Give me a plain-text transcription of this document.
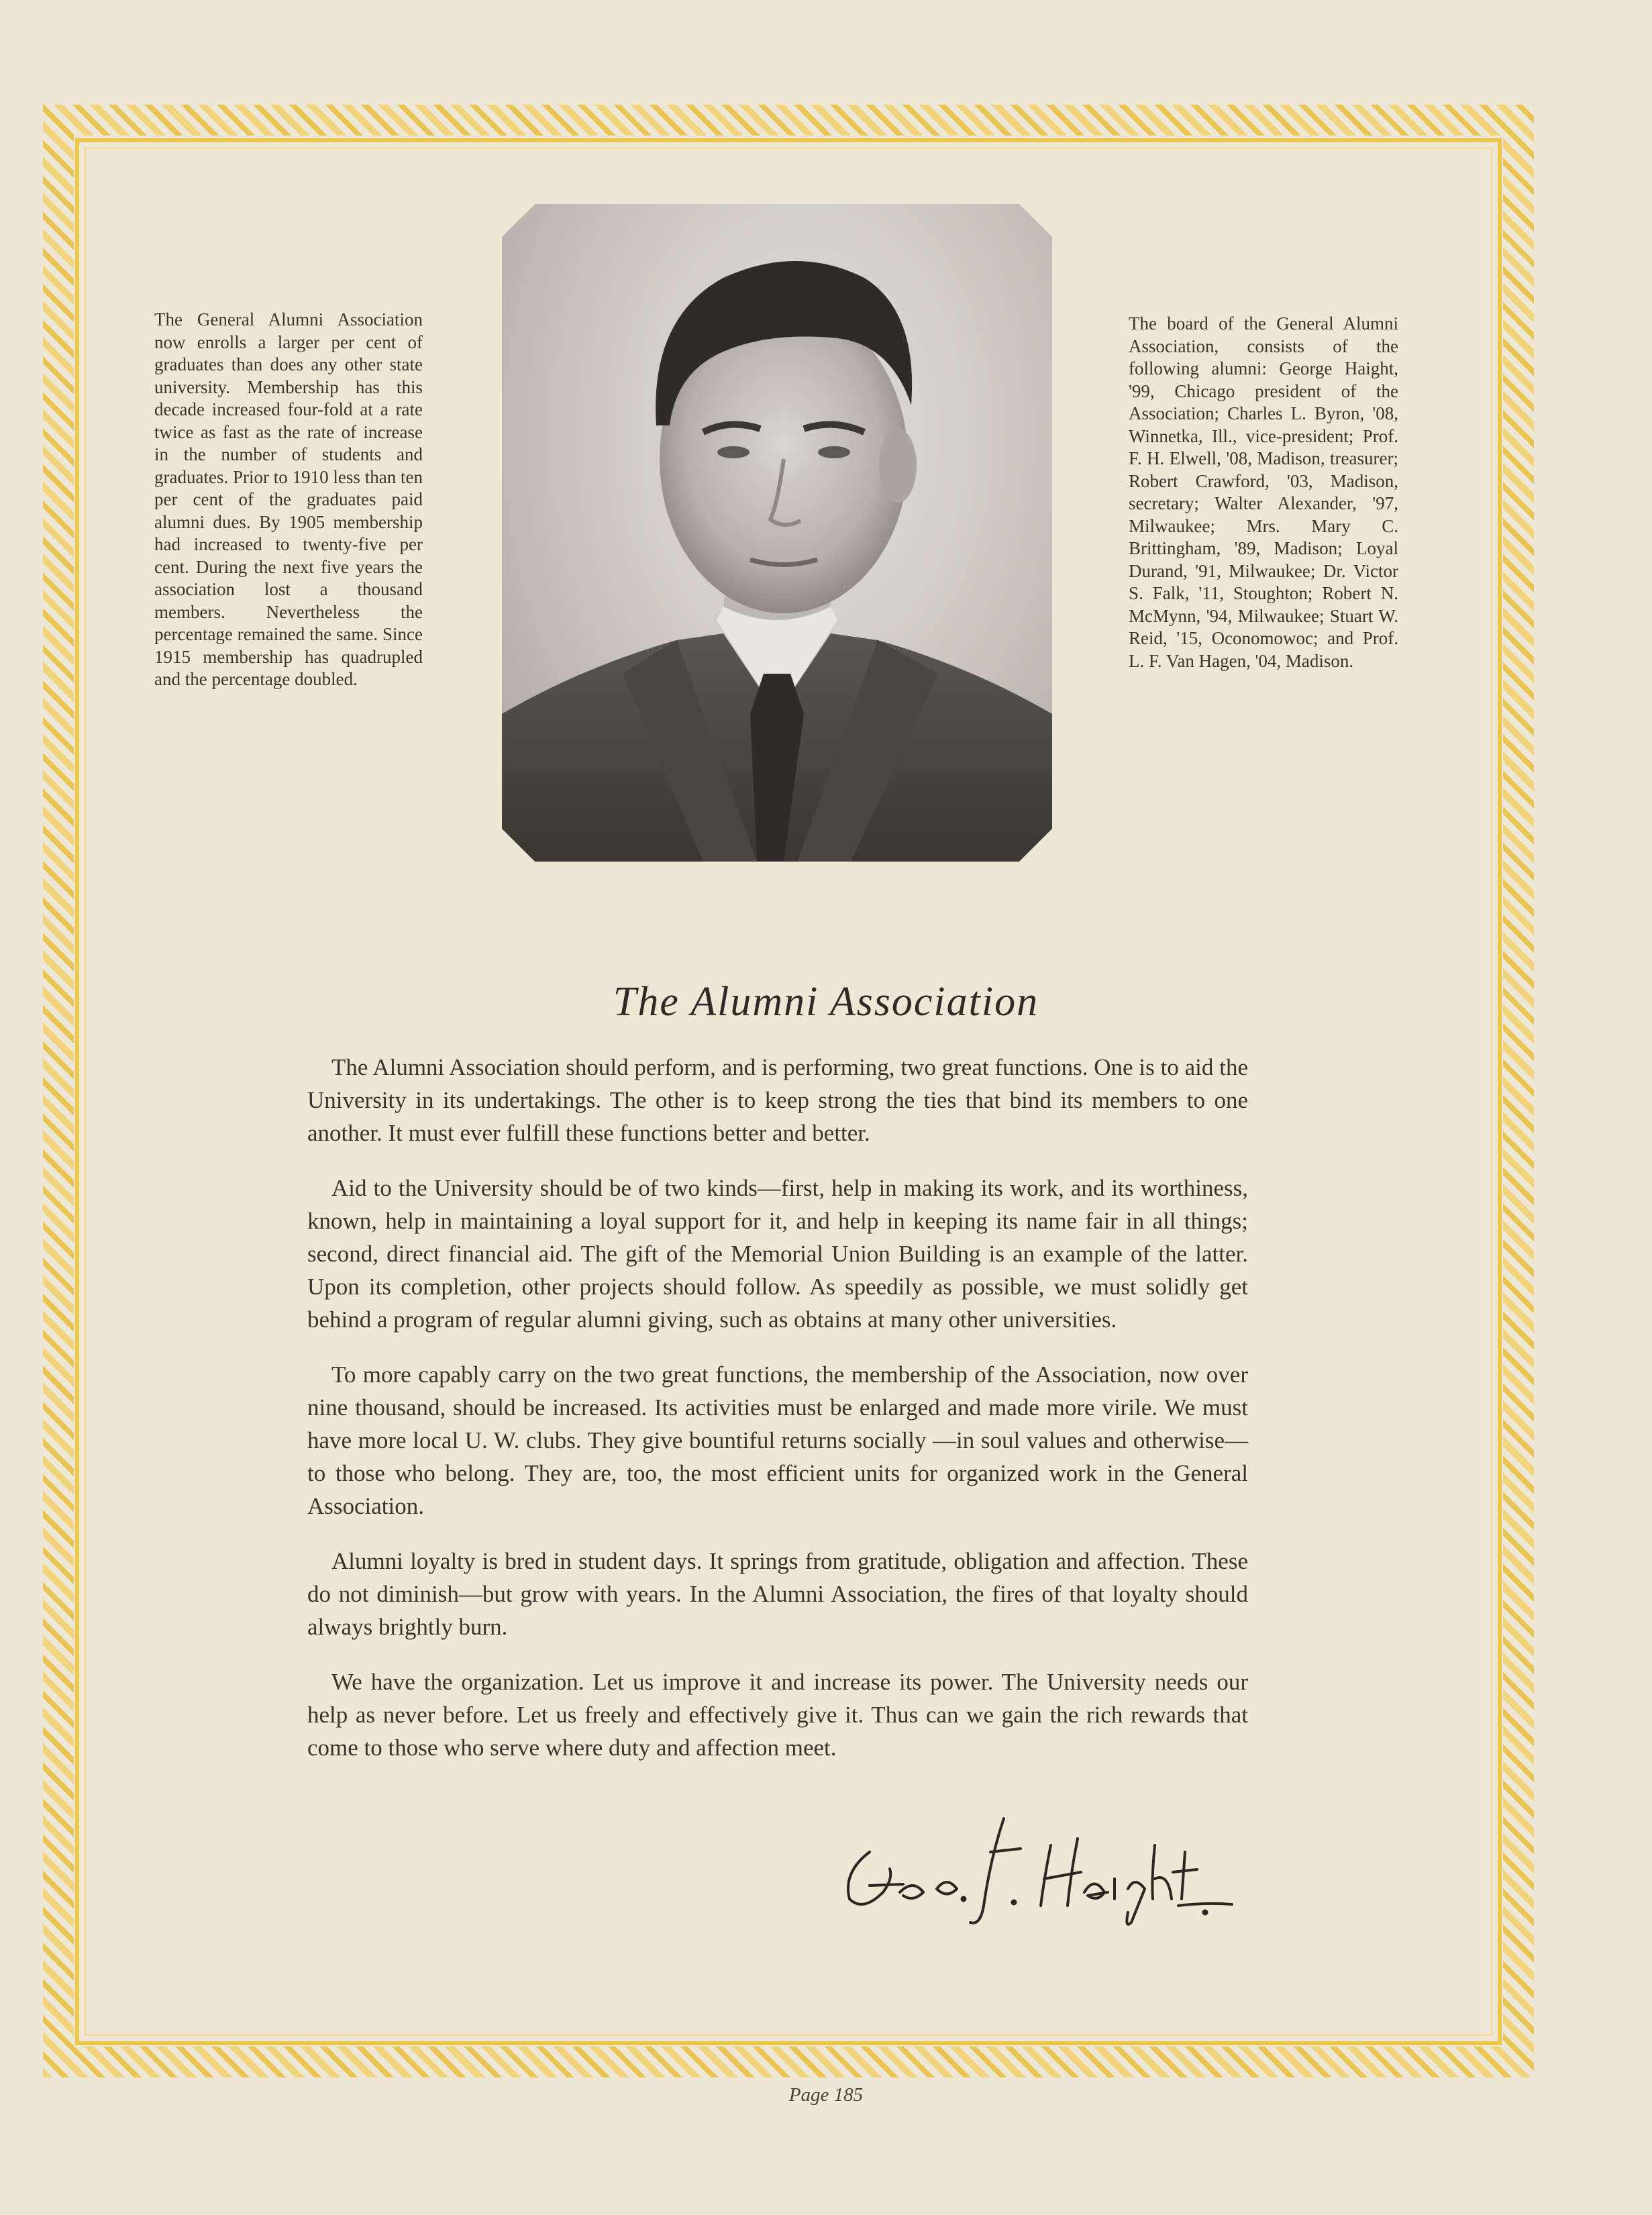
The General Alumni Association now enrolls a larger per cent of graduates than does any other state university. Membership has this decade increased four-fold at a rate twice as fast as the rate of increase in the number of students and graduates. Prior to 1910 less than ten per cent of the graduates paid alumni dues. By 1905 membership had increased to twenty-five per cent. During the next five years the association lost a thousand members. Nevertheless the percentage remained the same. Since 1915 membership has quadrupled and the percentage doubled.
The board of the General Alumni Association, consists of the following alumni: George Haight, '99, Chicago president of the Association; Charles L. Byron, '08, Winnetka, Ill., vice-president; Prof. F. H. Elwell, '08, Madison, treasurer; Robert Crawford, '03, Madison, secretary; Walter Alexander, '97, Milwaukee; Mrs. Mary C. Brittingham, '89, Madison; Loyal Durand, '91, Milwaukee; Dr. Victor S. Falk, '11, Stoughton; Robert N. McMynn, '94, Milwaukee; Stuart W. Reid, '15, Oconomowoc; and Prof. L. F. Van Hagen, '04, Madison.
The Alumni Association

The Alumni Association should perform, and is performing, two great functions. One is to aid the University in its undertakings. The other is to keep strong the ties that bind its members to one another. It must ever fulfill these functions better and better.

Aid to the University should be of two kinds—first, help in making its work, and its worthiness, known, help in maintaining a loyal support for it, and help in keeping its name fair in all things; second, direct financial aid. The gift of the Memorial Union Building is an example of the latter. Upon its completion, other projects should follow. As speedily as possible, we must solidly get behind a program of regular alumni giving, such as obtains at many other universities.

To more capably carry on the two great functions, the membership of the Association, now over nine thousand, should be increased. Its activities must be enlarged and made more virile. We must have more local U. W. clubs. They give bountiful returns socially —in soul values and otherwise—to those who belong. They are, too, the most efficient units for organized work in the General Association.

Alumni loyalty is bred in student days. It springs from gratitude, obligation and affection. These do not diminish—but grow with years. In the Alumni Association, the fires of that loyalty should always brightly burn.

We have the organization. Let us improve it and increase its power. The University needs our help as never before. Let us freely and effectively give it. Thus can we gain the rich rewards that come to those who serve where duty and affection meet.

Page 185
